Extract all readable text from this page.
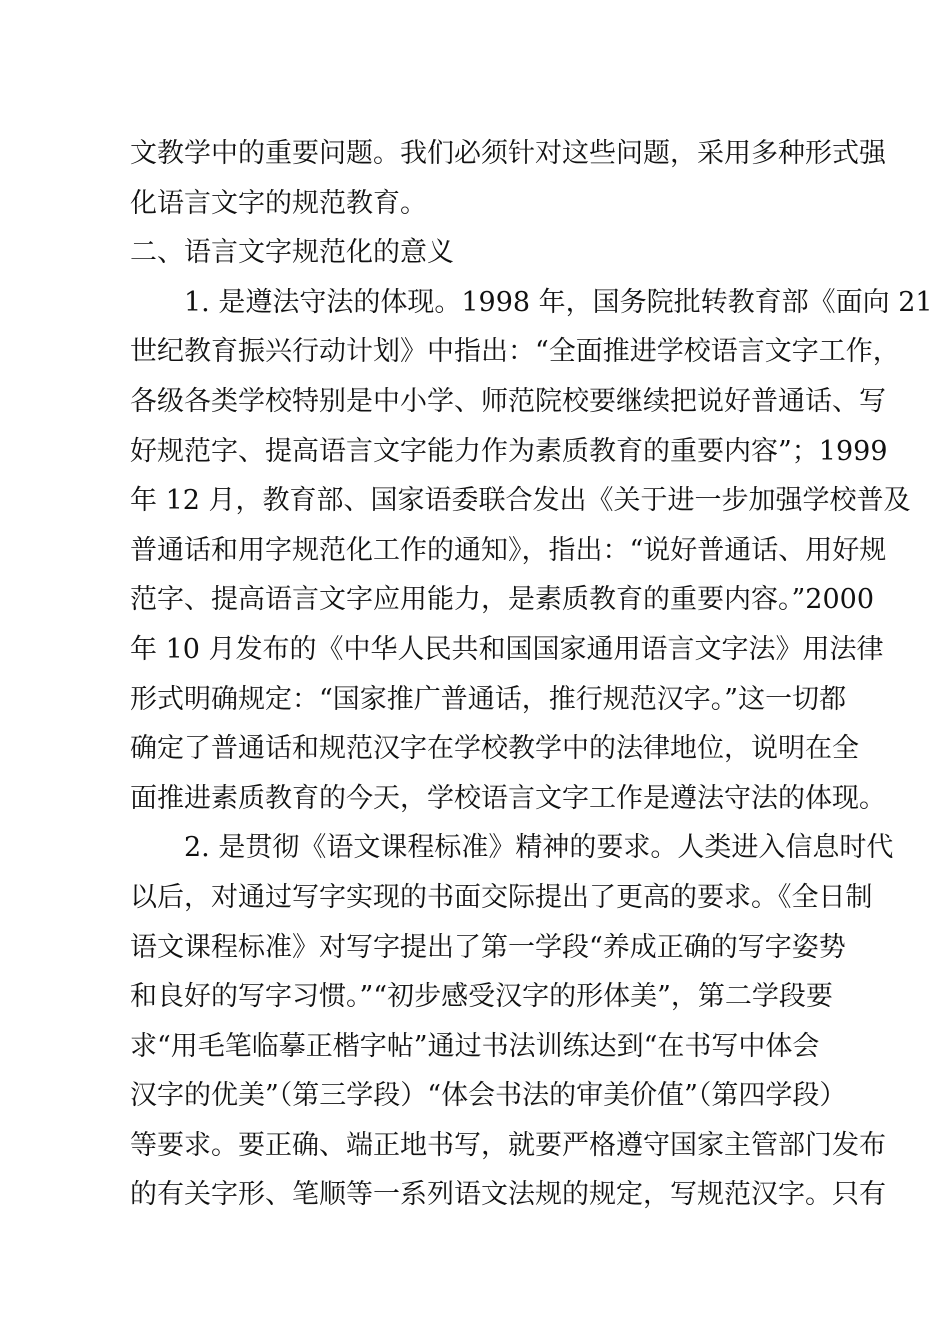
文教学中的重要问题。我们必须针对这些问题，采用多种形式强
化语言文字的规范教育。
二、语言文字规范化的意义
1. 是遵法守法的体现。1998 年，国务院批转教育部《面向 21
世纪教育振兴行动计划》中指出：“全面推进学校语言文字工作，
各级各类学校特别是中小学、师范院校要继续把说好普通话、写
好规范字、提高语言文字能力作为素质教育的重要内容”；1999
年 12 月，教育部、国家语委联合发出《关于进一步加强学校普及
普通话和用字规范化工作的通知》，指出：“说好普通话、用好规
范字、提高语言文字应用能力，是素质教育的重要内容。”2000
年 10 月发布的《中华人民共和国国家通用语言文字法》用法律
形式明确规定：“国家推广普通话，推行规范汉字。”这一切都
确定了普通话和规范汉字在学校教学中的法律地位，说明在全
面推进素质教育的今天，学校语言文字工作是遵法守法的体现。
2. 是贯彻《语文课程标准》精神的要求。人类进入信息时代
以后，对通过写字实现的书面交际提出了更高的要求。《全日制
语文课程标准》对写字提出了第一学段“养成正确的写字姿势
和良好的写字习惯。”“初步感受汉字的形体美”，第二学段要
求“用毛笔临摹正楷字帖”通过书法训练达到“在书写中体会
汉字的优美”（第三学段）“体会书法的审美价值”（第四学段）
等要求。要正确、端正地书写，就要严格遵守国家主管部门发布
的有关字形、笔顺等一系列语文法规的规定，写规范汉字。只有
